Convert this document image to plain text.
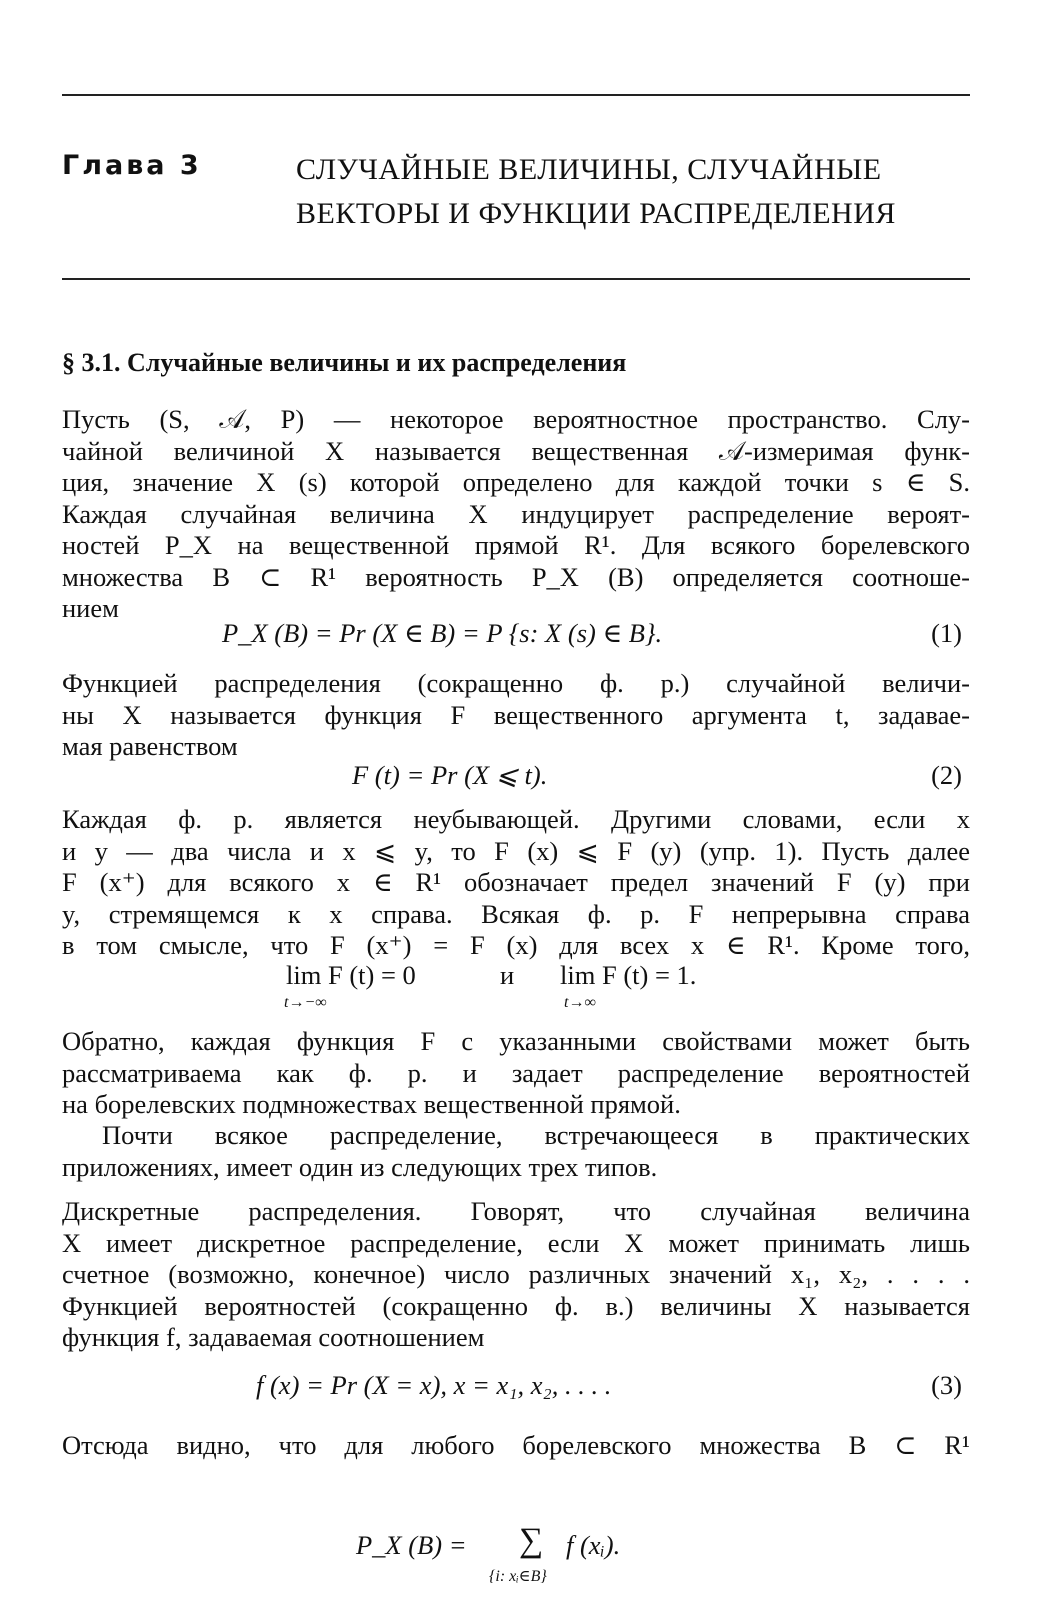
Глава 3	СЛУЧАЙНЫЕ ВЕЛИЧИНЫ, СЛУЧАЙНЫЕ
ВЕКТОРЫ И ФУНКЦИИ РАСПРЕДЕЛЕНИЯ
§ 3.1. Случайные величины и их распределения
Пусть (S, 𝒜, P) — некоторое вероятностное пространство. Слу-
чайной величиной X называется вещественная 𝒜-измеримая функ-
ция, значение X (s) которой определено для каждой точки s ∈ S.
Каждая случайная величина X индуцирует распределение вероят-
ностей P_X на вещественной прямой R¹. Для всякого борелевского
множества B ⊂ R¹ вероятность P_X (B) определяется соотноше-
нием
P_X (B) = Pr (X ∈ B) = P {s: X (s) ∈ B}.	(1)
Функцией распределения (сокращенно ф. р.) случайной величи-
ны X называется функция F вещественного аргумента t, задавае-
мая равенством
F (t) = Pr (X ⩽ t).	(2)
Каждая ф. р. является неубывающей. Другими словами, если x
и y — два числа и x ⩽ y, то F (x) ⩽ F (y) (упр. 1). Пусть далее
F (x⁺) для всякого x ∈ R¹ обозначает предел значений F (y) при
y, стремящемся к x справа. Всякая ф. р. F непрерывна справа
в том смысле, что F (x⁺) = F (x) для всех x ∈ R¹. Кроме того,
lim F (t) = 0
t→−∞
и lim F (t) = 1.
t→∞
Обратно, каждая функция F с указанными свойствами может быть
рассматриваема как ф. р. и задает распределение вероятностей
на борелевских подмножествах вещественной прямой.
Почти всякое распределение, встречающееся в практических
приложениях, имеет один из следующих трех типов.
Дискретные распределения. Говорят, что случайная величина
X имеет дискретное распределение, если X может принимать лишь
счетное (возможно, конечное) число различных значений x₁, x₂, . . . .
Функцией вероятностей (сокращенно ф. в.) величины X называется
функция f, задаваемая соотношением
f (x) = Pr (X = x), x = x₁, x₂, . . . .	(3)
Отсюда видно, что для любого борелевского множества B ⊂ R¹
P_X (B) = ∑ f (xᵢ).
{i: xᵢ∈B}
